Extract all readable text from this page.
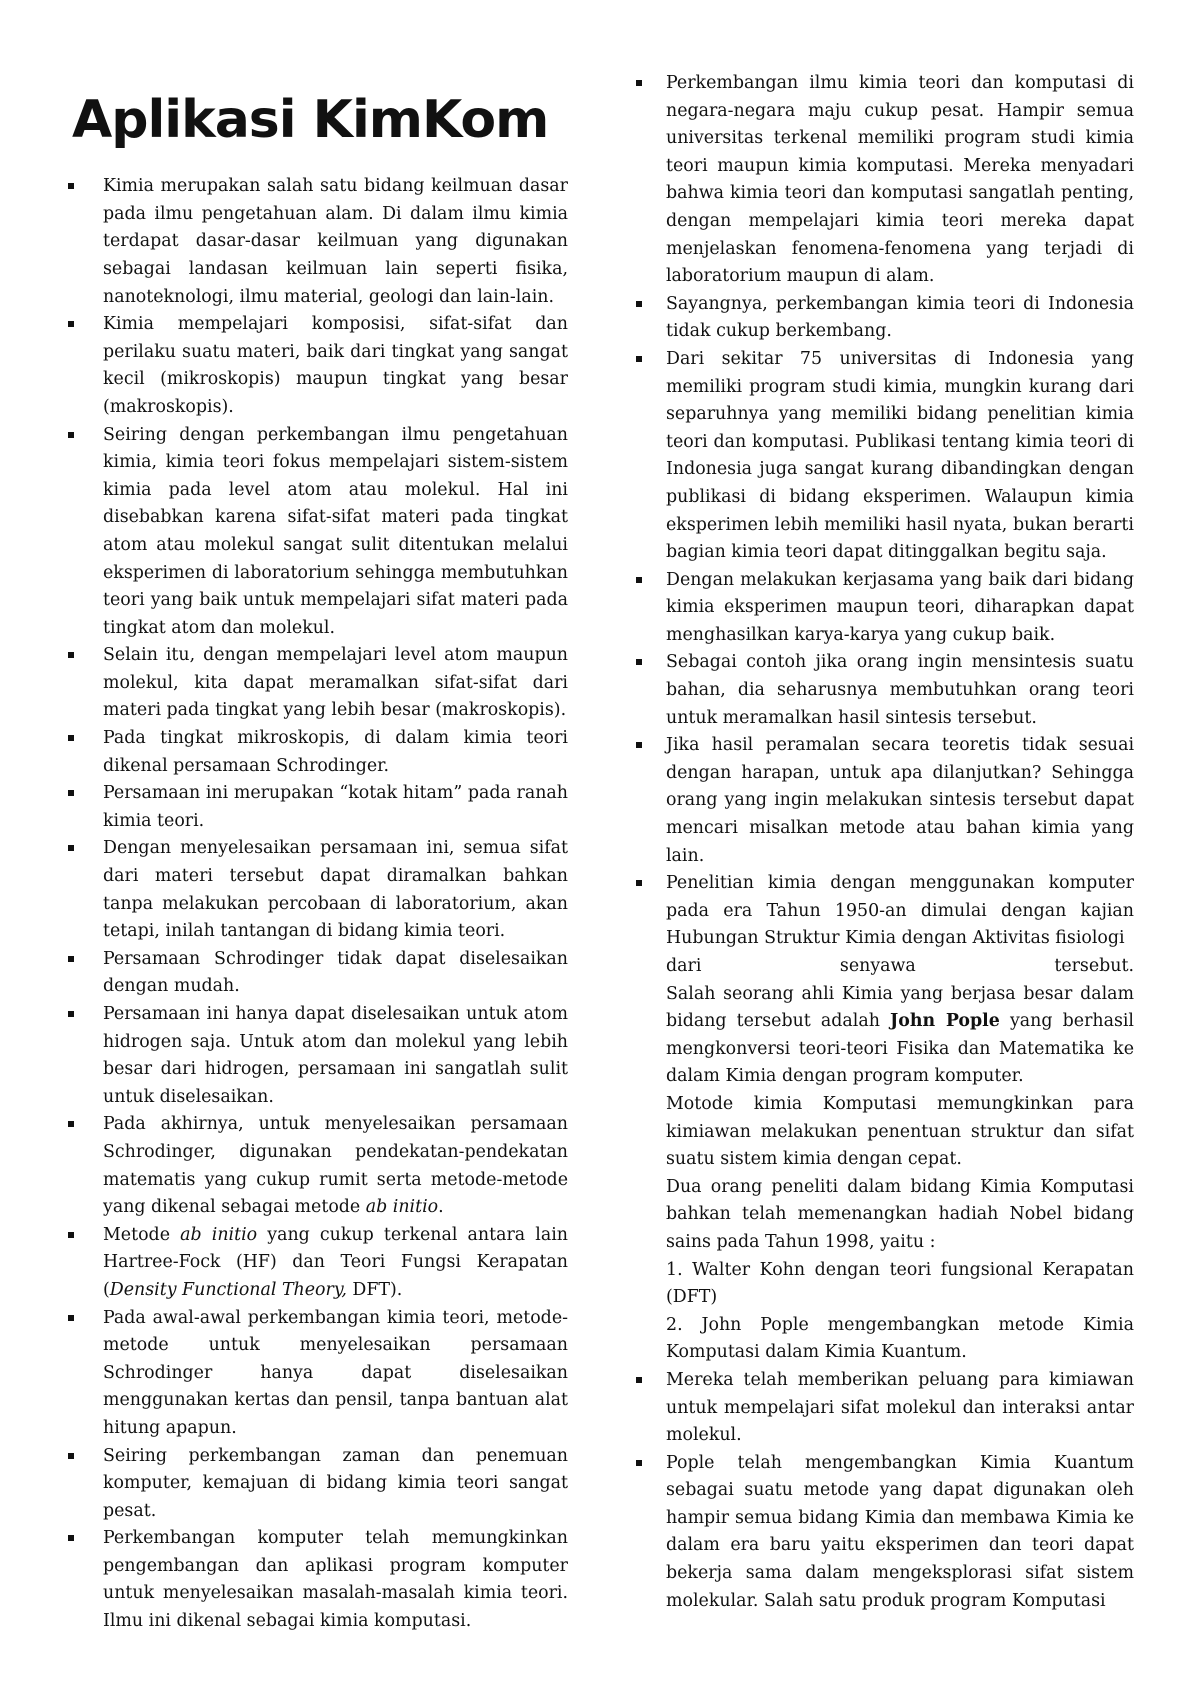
Aplikasi KimKom
Kimia merupakan salah satu bidang keilmuan dasar pada ilmu pengetahuan alam. Di dalam ilmu kimia terdapat dasar-dasar keilmuan yang digunakan sebagai landasan keilmuan lain seperti fisika, nanoteknologi, ilmu material, geologi dan lain-lain.
Kimia mempelajari komposisi, sifat-sifat dan perilaku suatu materi, baik dari tingkat yang sangat kecil (mikroskopis) maupun tingkat yang besar (makroskopis).
Seiring dengan perkembangan ilmu pengetahuan kimia, kimia teori fokus mempelajari sistem-sistem kimia pada level atom atau molekul. Hal ini disebabkan karena sifat-sifat materi pada tingkat atom atau molekul sangat sulit ditentukan melalui eksperimen di laboratorium sehingga membutuhkan teori yang baik untuk mempelajari sifat materi pada tingkat atom dan molekul.
Selain itu, dengan mempelajari level atom maupun molekul, kita dapat meramalkan sifat-sifat dari materi pada tingkat yang lebih besar (makroskopis).
Pada tingkat mikroskopis, di dalam kimia teori dikenal persamaan Schrodinger.
Persamaan ini merupakan “kotak hitam” pada ranah kimia teori.
Dengan menyelesaikan persamaan ini, semua sifat dari materi tersebut dapat diramalkan bahkan tanpa melakukan percobaan di laboratorium, akan tetapi, inilah tantangan di bidang kimia teori.
Persamaan Schrodinger tidak dapat diselesaikan dengan mudah.
Persamaan ini hanya dapat diselesaikan untuk atom hidrogen saja. Untuk atom dan molekul yang lebih besar dari hidrogen, persamaan ini sangatlah sulit untuk diselesaikan.
Pada akhirnya, untuk menyelesaikan persamaan Schrodinger, digunakan pendekatan-pendekatan matematis yang cukup rumit serta metode-metode yang dikenal sebagai metode ab initio.
Metode ab initio yang cukup terkenal antara lain Hartree-Fock (HF) dan Teori Fungsi Kerapatan (Density Functional Theory, DFT).
Pada awal-awal perkembangan kimia teori, metode-metode untuk menyelesaikan persamaan Schrodinger hanya dapat diselesaikan menggunakan kertas dan pensil, tanpa bantuan alat hitung apapun.
Seiring perkembangan zaman dan penemuan komputer, kemajuan di bidang kimia teori sangat pesat.
Perkembangan komputer telah memungkinkan pengembangan dan aplikasi program komputer untuk menyelesaikan masalah-masalah kimia teori. Ilmu ini dikenal sebagai kimia komputasi.
Perkembangan ilmu kimia teori dan komputasi di negara-negara maju cukup pesat. Hampir semua universitas terkenal memiliki program studi kimia teori maupun kimia komputasi. Mereka menyadari bahwa kimia teori dan komputasi sangatlah penting, dengan mempelajari kimia teori mereka dapat menjelaskan fenomena-fenomena yang terjadi di laboratorium maupun di alam.
Sayangnya, perkembangan kimia teori di Indonesia tidak cukup berkembang.
Dari sekitar 75 universitas di Indonesia yang memiliki program studi kimia, mungkin kurang dari separuhnya yang memiliki bidang penelitian kimia teori dan komputasi. Publikasi tentang kimia teori di Indonesia juga sangat kurang dibandingkan dengan publikasi di bidang eksperimen. Walaupun kimia eksperimen lebih memiliki hasil nyata, bukan berarti bagian kimia teori dapat ditinggalkan begitu saja.
Dengan melakukan kerjasama yang baik dari bidang kimia eksperimen maupun teori, diharapkan dapat menghasilkan karya-karya yang cukup baik.
Sebagai contoh jika orang ingin mensintesis suatu bahan, dia seharusnya membutuhkan orang teori untuk meramalkan hasil sintesis tersebut.
Jika hasil peramalan secara teoretis tidak sesuai dengan harapan, untuk apa dilanjutkan? Sehingga orang yang ingin melakukan sintesis tersebut dapat mencari misalkan metode atau bahan kimia yang lain.
Penelitian kimia dengan menggunakan komputer pada era Tahun 1950-an dimulai dengan kajian Hubungan Struktur Kimia dengan Aktivitas fisiologi
dari senyawa tersebut.
Salah seorang ahli Kimia yang berjasa besar dalam bidang tersebut adalah John Pople yang berhasil mengkonversi teori-teori Fisika dan Matematika ke dalam Kimia dengan program komputer.
Motode kimia Komputasi memungkinkan para kimiawan melakukan penentuan struktur dan sifat suatu sistem kimia dengan cepat.
Dua orang peneliti dalam bidang Kimia Komputasi bahkan telah memenangkan hadiah Nobel bidang sains pada Tahun 1998, yaitu :
1. Walter Kohn dengan teori fungsional Kerapatan (DFT)
2. John Pople mengembangkan metode Kimia Komputasi dalam Kimia Kuantum.
Mereka telah memberikan peluang para kimiawan untuk mempelajari sifat molekul dan interaksi antar molekul.
Pople telah mengembangkan Kimia Kuantum sebagai suatu metode yang dapat digunakan oleh hampir semua bidang Kimia dan membawa Kimia ke dalam era baru yaitu eksperimen dan teori dapat bekerja sama dalam mengeksplorasi sifat sistem molekular. Salah satu produk program Komputasi
